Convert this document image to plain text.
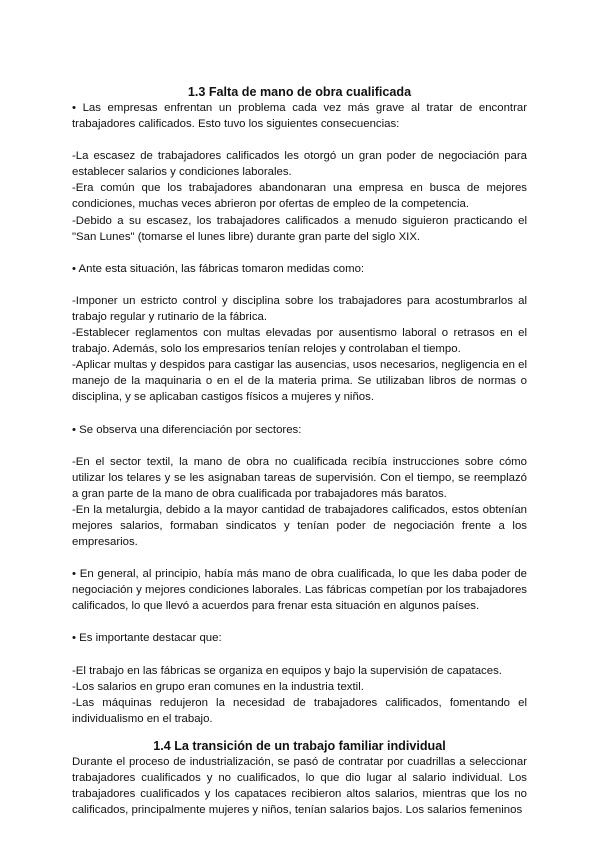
1.3 Falta de mano de obra cualificada

• Las empresas enfrentan un problema cada vez más grave al tratar de encontrar trabajadores calificados. Esto tuvo los siguientes consecuencias:

-La escasez de trabajadores calificados les otorgó un gran poder de negociación para establecer salarios y condiciones laborales.

-Era común que los trabajadores abandonaran una empresa en busca de mejores condiciones, muchas veces abrieron por ofertas de empleo de la competencia.

-Debido a su escasez, los trabajadores calificados a menudo siguieron practicando el "San Lunes" (tomarse el lunes libre) durante gran parte del siglo XIX.

• Ante esta situación, las fábricas tomaron medidas como:

-Imponer un estricto control y disciplina sobre los trabajadores para acostumbrarlos al trabajo regular y rutinario de la fábrica.

-Establecer reglamentos con multas elevadas por ausentismo laboral o retrasos en el trabajo. Además, solo los empresarios tenían relojes y controlaban el tiempo.

-Aplicar multas y despidos para castigar las ausencias, usos necesarios, negligencia en el manejo de la maquinaria o en el de la materia prima. Se utilizaban libros de normas o disciplina, y se aplicaban castigos físicos a mujeres y niños.

• Se observa una diferenciación por sectores:

-En el sector textil, la mano de obra no cualificada recibía instrucciones sobre cómo utilizar los telares y se les asignaban tareas de supervisión. Con el tiempo, se reemplazó a gran parte de la mano de obra cualificada por trabajadores más baratos.

-En la metalurgia, debido a la mayor cantidad de trabajadores calificados, estos obtenían mejores salarios, formaban sindicatos y tenían poder de negociación frente a los empresarios.

• En general, al principio, había más mano de obra cualificada, lo que les daba poder de negociación y mejores condiciones laborales. Las fábricas competían por los trabajadores calificados, lo que llevó a acuerdos para frenar esta situación en algunos países.

• Es importante destacar que:

-El trabajo en las fábricas se organiza en equipos y bajo la supervisión de capataces.

-Los salarios en grupo eran comunes en la industria textil.

-Las máquinas redujeron la necesidad de trabajadores calificados, fomentando el individualismo en el trabajo.

1.4 La transición de un trabajo familiar individual

Durante el proceso de industrialización, se pasó de contratar por cuadrillas a seleccionar trabajadores cualificados y no cualificados, lo que dio lugar al salario individual. Los trabajadores cualificados y los capataces recibieron altos salarios, mientras que los no calificados, principalmente mujeres y niños, tenían salarios bajos. Los salarios femeninos
